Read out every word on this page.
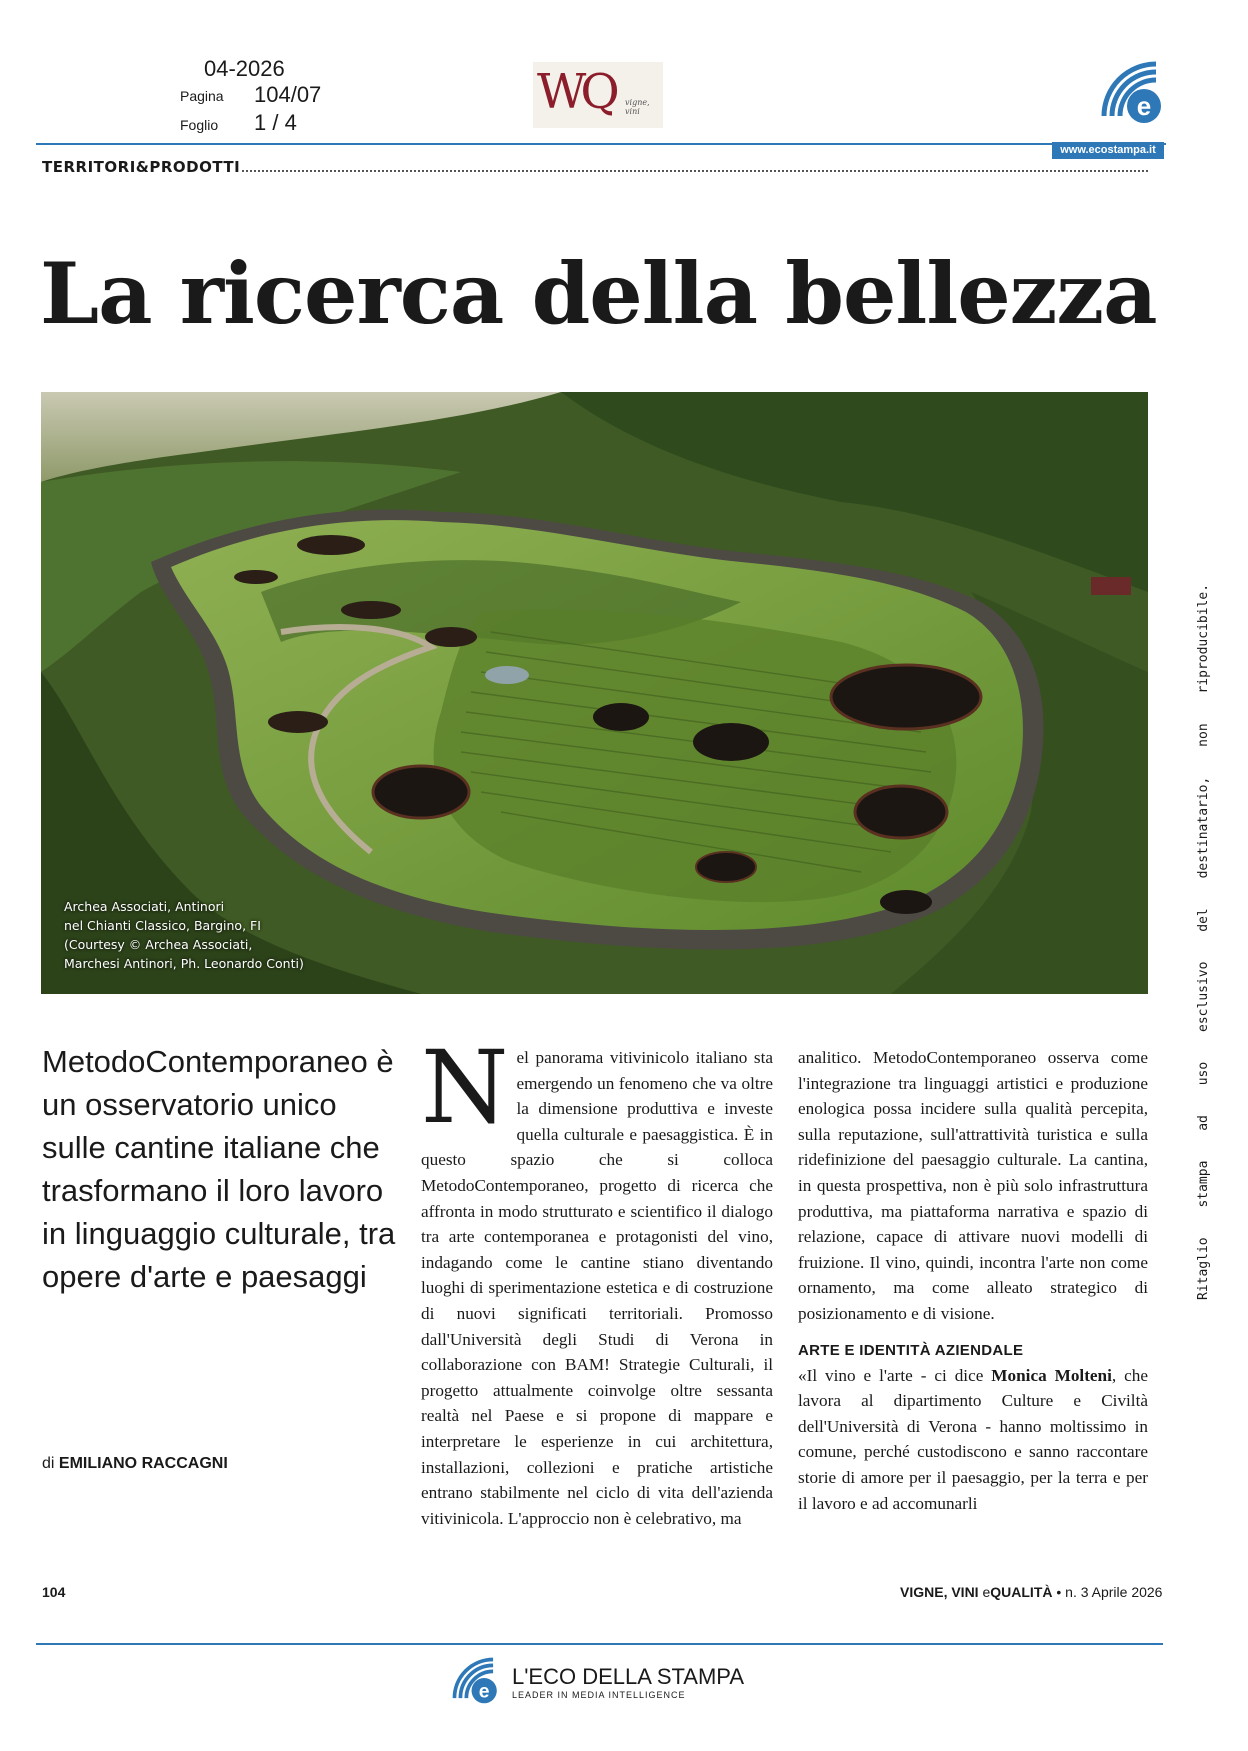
04-2026
Pagina 104/07
Foglio 1 / 4
WQ vigne, vini	e
www.ecostampa.it
TERRITORI&PRODOTTI
La ricerca della bellezza
Archea Associati, Antinori
nel Chianti Classico, Bargino, FI
(Courtesy © Archea Associati,
Marchesi Antinori, Ph. Leonardo Conti)
MetodoContemporaneo è un osservatorio unico sulle cantine italiane che trasformano il loro lavoro in linguaggio culturale, tra opere d'arte e paesaggi
di EMILIANO RACCAGNI
N el panorama vitivinicolo italiano sta emergendo un fenomeno che va oltre la dimensione produttiva e investe quella culturale e paesaggistica. È in questo spazio che si colloca MetodoContemporaneo, progetto di ricerca che affronta in modo strutturato e scientifico il dialogo tra arte contemporanea e protagonisti del vino, indagando come le cantine stiano diventando luoghi di sperimentazione estetica e di costruzione di nuovi significati territoriali. Promosso dall'Università degli Studi di Verona in collaborazione con BAM! Strategie Culturali, il progetto attualmente coinvolge oltre sessanta realtà nel Paese e si propone di mappare e interpretare le esperienze in cui architettura, installazioni, collezioni e pratiche artistiche entrano stabilmente nel ciclo di vita dell'azienda vitivinicola. L'approccio non è celebrativo, ma
analitico. MetodoContemporaneo osserva come l'integrazione tra linguaggi artistici e produzione enologica possa incidere sulla qualità percepita, sulla reputazione, sull'attrattività turistica e sulla ridefinizione del paesaggio culturale. La cantina, in questa prospettiva, non è più solo infrastruttura produttiva, ma piattaforma narrativa e spazio di relazione, capace di attivare nuovi modelli di fruizione. Il vino, quindi, incontra l'arte non come ornamento, ma come alleato strategico di posizionamento e di visione.
ARTE E IDENTITÀ AZIENDALE
«Il vino e l'arte - ci dice Monica Molteni, che lavora al dipartimento Culture e Civiltà dell'Università di Verona - hanno moltissimo in comune, perché custodiscono e sanno raccontare storie di amore per il paesaggio, per la terra e per il lavoro e ad accomunarli
104	VIGNE, VINI eQUALITÀ • n. 3 Aprile 2026
e
L'ECO DELLA STAMPA
LEADER IN MEDIA INTELLIGENCE
Ritaglio stampa ad uso esclusivo del destinatario, non riproducibile.
